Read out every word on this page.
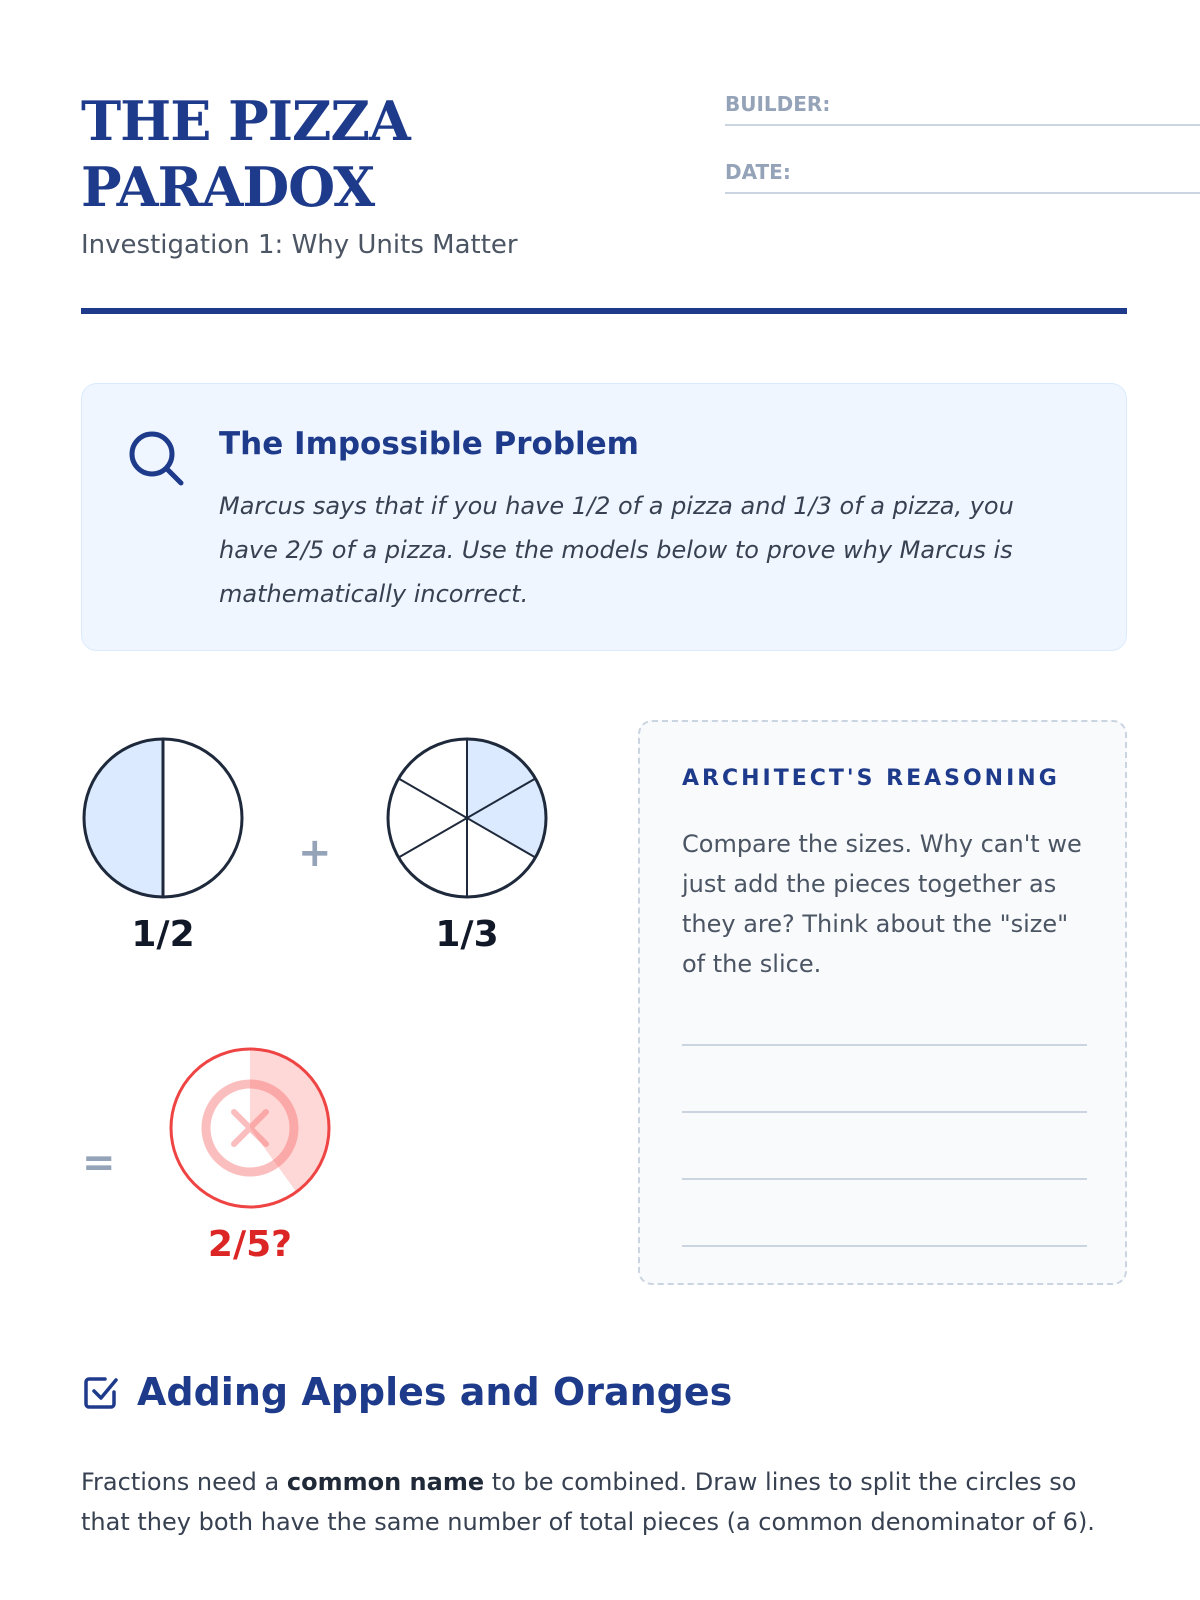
THE PIZZA PARADOX
Investigation 1: Why Units Matter
BUILDER:
DATE:
The Impossible Problem
Marcus says that if you have 1/2 of a pizza and 1/3 of a pizza, you have 2/5 of a pizza. Use the models below to prove why Marcus is mathematically incorrect.
1/2
+
1/3
=
2/5?
ARCHITECT'S REASONING
Compare the sizes. Why can't we just add the pieces together as they are? Think about the "size" of the slice.
Adding Apples and Oranges
Fractions need a common name to be combined. Draw lines to split the circles so that they both have the same number of total pieces (a common denominator of 6).
